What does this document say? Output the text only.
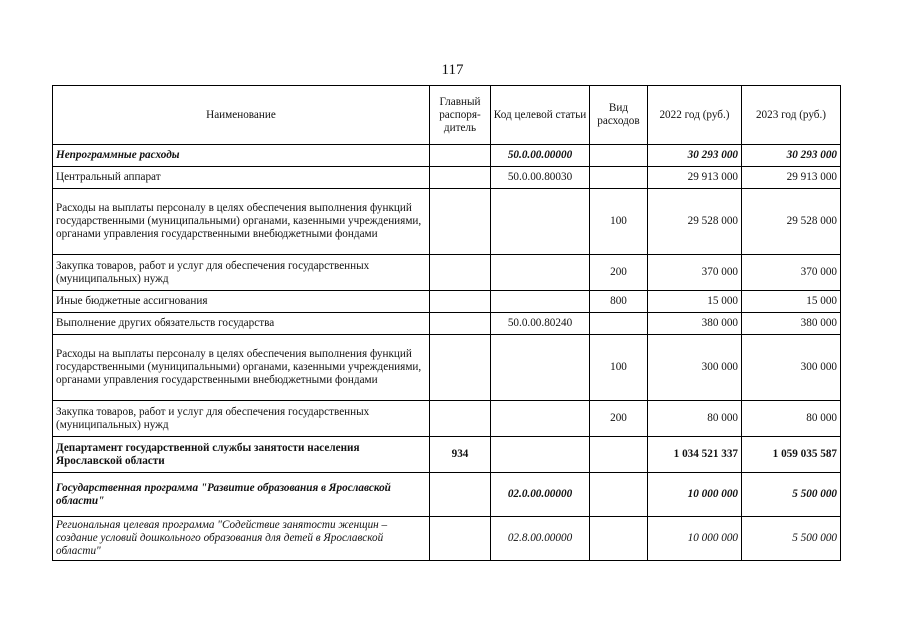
117
Наименование	Главный распоря-дитель	Код целевой статьи	Вид расходов	2022 год (руб.)	2023 год (руб.)
Непрограммные расходы		50.0.00.00000		30 293 000	30 293 000
Центральный аппарат		50.0.00.80030		29 913 000	29 913 000
Расходы на выплаты персоналу в целях обеспечения выполнения функций государственными (муниципальными) органами, казенными учреждениями, органами управления государственными внебюджетными фондами			100	29 528 000	29 528 000
Закупка товаров, работ и услуг для обеспечения государственных (муниципальных) нужд			200	370 000	370 000
Иные бюджетные ассигнования			800	15 000	15 000
Выполнение других обязательств государства		50.0.00.80240		380 000	380 000
Расходы на выплаты персоналу в целях обеспечения выполнения функций государственными (муниципальными) органами, казенными учреждениями, органами управления государственными внебюджетными фондами			100	300 000	300 000
Закупка товаров, работ и услуг для обеспечения государственных (муниципальных) нужд			200	80 000	80 000
Департамент государственной службы занятости населения Ярославской области	934			1 034 521 337	1 059 035 587
Государственная программа "Развитие образования в Ярославской области"		02.0.00.00000		10 000 000	5 500 000
Региональная целевая программа "Содействие занятости женщин – создание условий дошкольного образования для детей в Ярославской области"		02.8.00.00000		10 000 000	5 500 000
